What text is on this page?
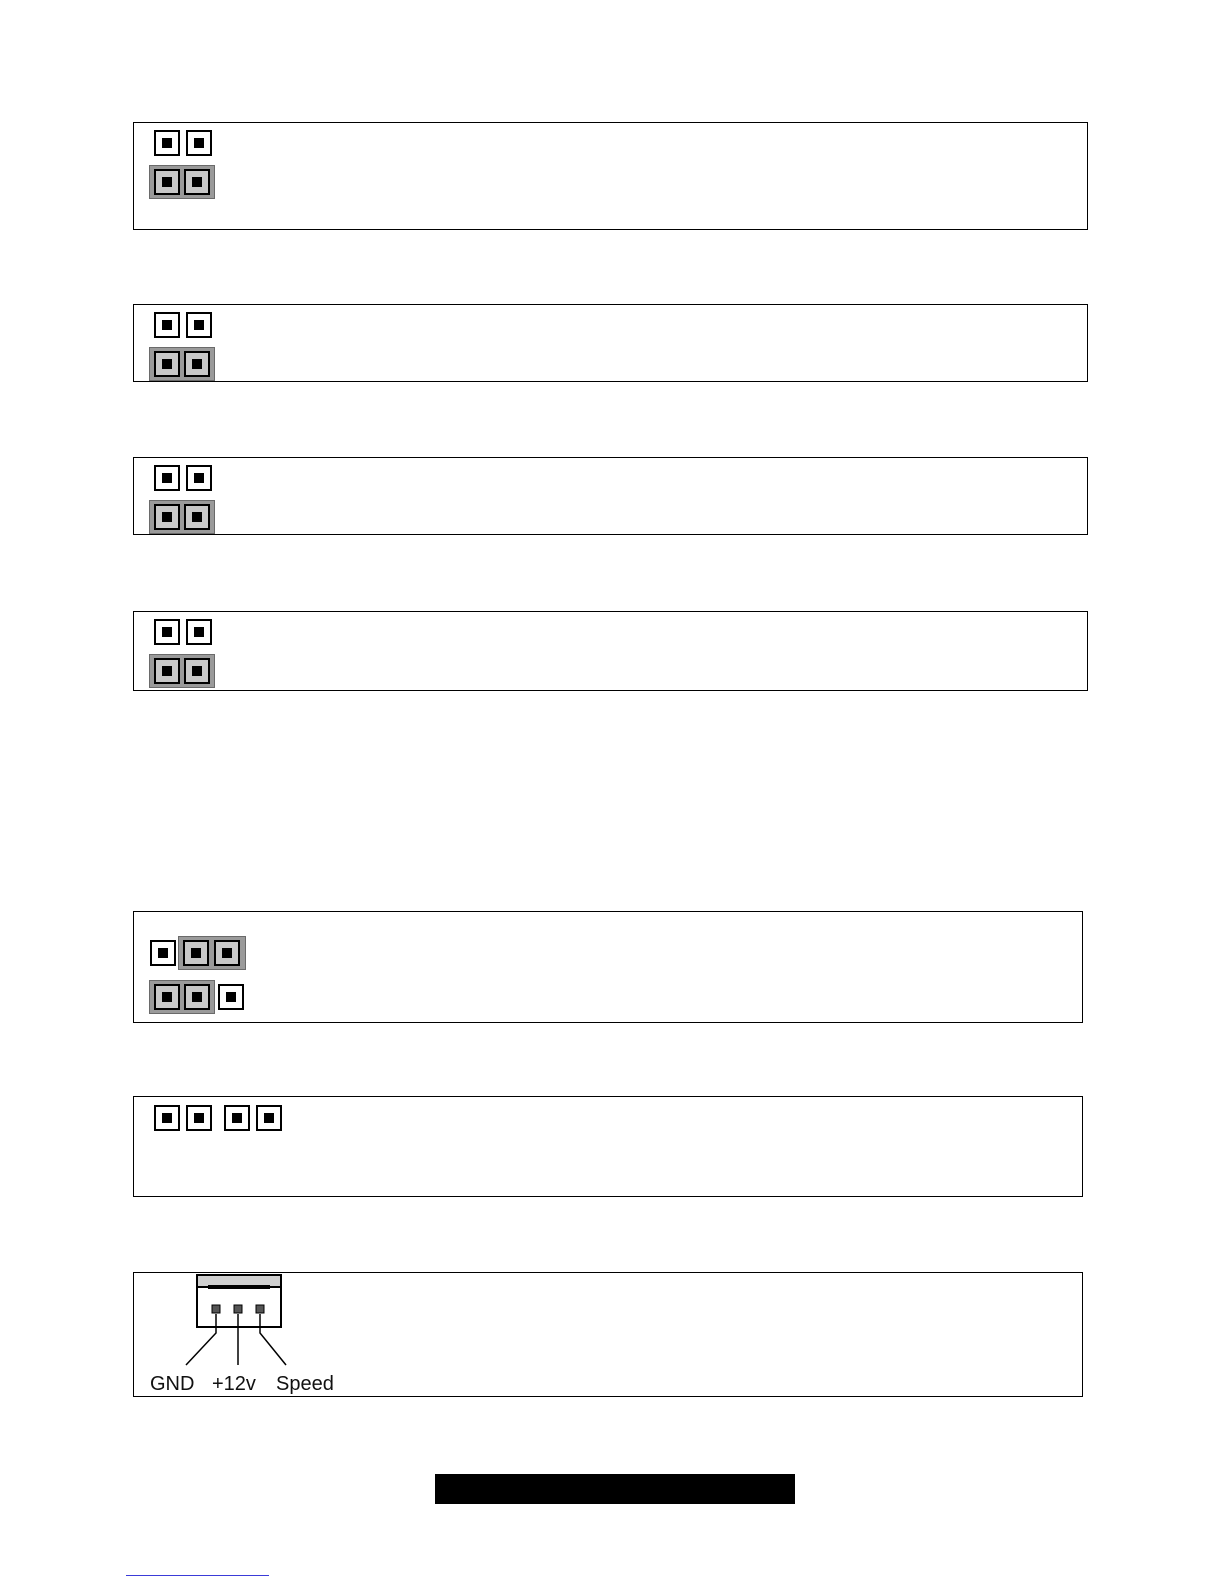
GND +12v Speed
